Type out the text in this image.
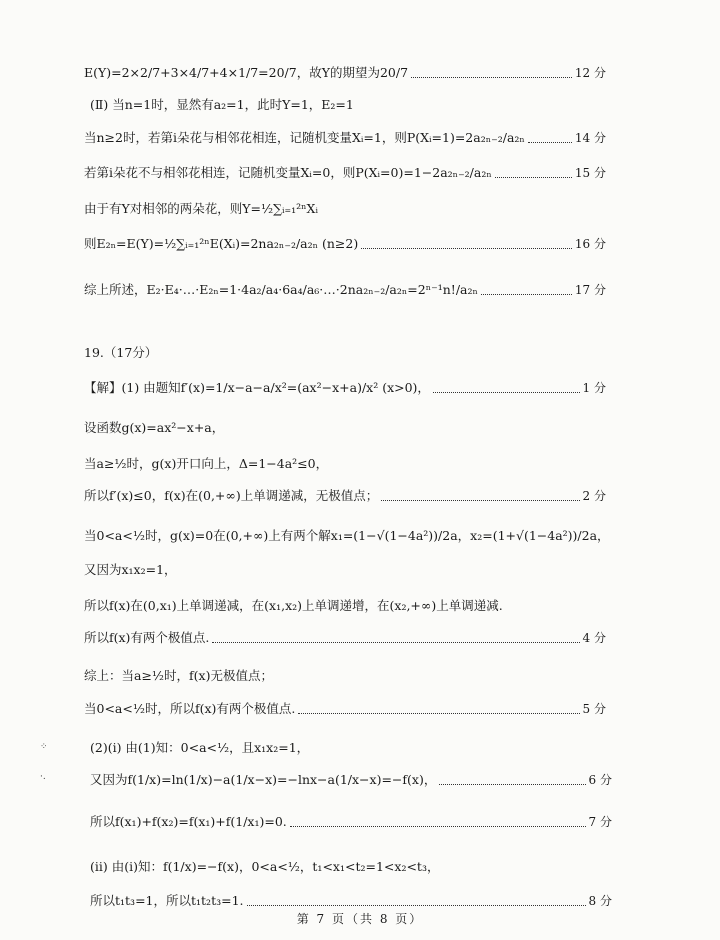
E(Y)=2×2/7+3×4/7+4×1/7=20/7，故Y的期望为20/7	12 分
(Ⅱ) 当n=1时，显然有a₂=1，此时Y=1，E₂=1
当n≥2时，若第i朵花与相邻花相连，记随机变量Xᵢ=1，则P(Xᵢ=1)=2a₂ₙ₋₂/a₂ₙ	14 分
若第i朵花不与相邻花相连，记随机变量Xᵢ=0，则P(Xᵢ=0)=1−2a₂ₙ₋₂/a₂ₙ	15 分
由于有Y对相邻的两朵花，则Y=½∑ᵢ₌₁²ⁿXᵢ
则E₂ₙ=E(Y)=½∑ᵢ₌₁²ⁿE(Xᵢ)=2na₂ₙ₋₂/a₂ₙ (n≥2)	16 分
综上所述，E₂·E₄·…·E₂ₙ=1·4a₂/a₄·6a₄/a₆·…·2na₂ₙ₋₂/a₂ₙ=2ⁿ⁻¹n!/a₂ₙ	17 分
19.（17分）
【解】(1) 由题知f′(x)=1/x−a−a/x²=(ax²−x+a)/x² (x>0)，	1 分
设函数g(x)=ax²−x+a，
当a≥½时，g(x)开口向上，Δ=1−4a²≤0，
所以f′(x)≤0，f(x)在(0,+∞)上单调递减，无极值点；	2 分
当0<a<½时，g(x)=0在(0,+∞)上有两个解x₁=(1−√(1−4a²))/2a，x₂=(1+√(1−4a²))/2a，
又因为x₁x₂=1，
所以f(x)在(0,x₁)上单调递减，在(x₁,x₂)上单调递增，在(x₂,+∞)上单调递减.
所以f(x)有两个极值点.	4 分
综上：当a≥½时，f(x)无极值点；
当0<a<½时，所以f(x)有两个极值点.	5 分
(2)(i) 由(1)知：0<a<½，且x₁x₂=1，
又因为f(1/x)=ln(1/x)−a(1/x−x)=−lnx−a(1/x−x)=−f(x)，	6 分
所以f(x₁)+f(x₂)=f(x₁)+f(1/x₁)=0.	7 分
(ii) 由(i)知：f(1/x)=−f(x)，0<a<½，t₁<x₁<t₂=1<x₂<t₃，
所以t₁t₃=1，所以t₁t₂t₃=1.	8 分
第 7 页（共 8 页）
⁘
·.
